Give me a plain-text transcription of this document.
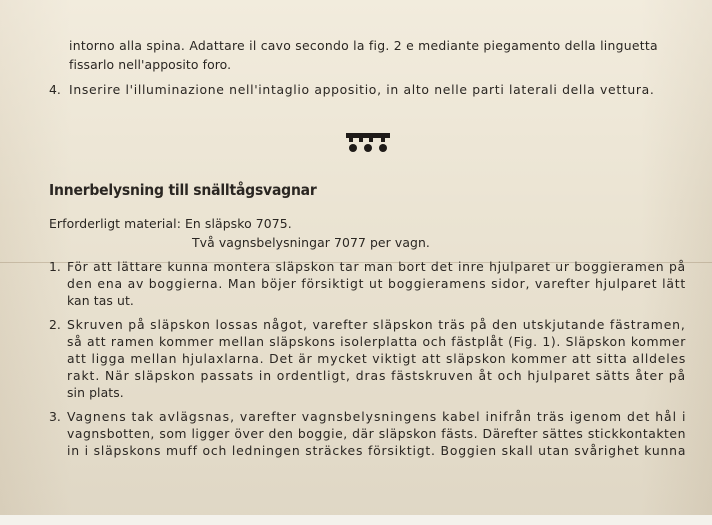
intorno alla spina. Adattare il cavo secondo la fig. 2 e mediante piegamento della linguetta
fissarlo nell'apposito foro.
4. Inserire l'illuminazione nell'intaglio appositio, in alto nelle parti laterali della vettura.
Innerbelysning till snälltågsvagnar
Erforderligt material: En släpsko 7075.
Två vagnsbelysningar 7077 per vagn.
1. För att lättare kunna montera släpskon tar man bort det inre hjulparet ur boggieramen på
den ena av boggierna. Man böjer försiktigt ut boggieramens sidor, varefter hjulparet lätt
kan tas ut.
2. Skruven på släpskon lossas något, varefter släpskon träs på den utskjutande fästramen,
så att ramen kommer mellan släpskons isolerplatta och fästplåt (Fig. 1). Släpskon kommer
att ligga mellan hjulaxlarna. Det är mycket viktigt att släpskon kommer att sitta alldeles
rakt. När släpskon passats in ordentligt, dras fästskruven åt och hjulparet sätts åter på
sin plats.
3. Vagnens tak avlägsnas, varefter vagnsbelysningens kabel inifrån träs igenom det hål i
vagnsbotten, som ligger över den boggie, där släpskon fästs. Därefter sättes stickkontakten
in i släpskons muff och ledningen sträckes försiktigt. Boggien skall utan svårighet kunna
